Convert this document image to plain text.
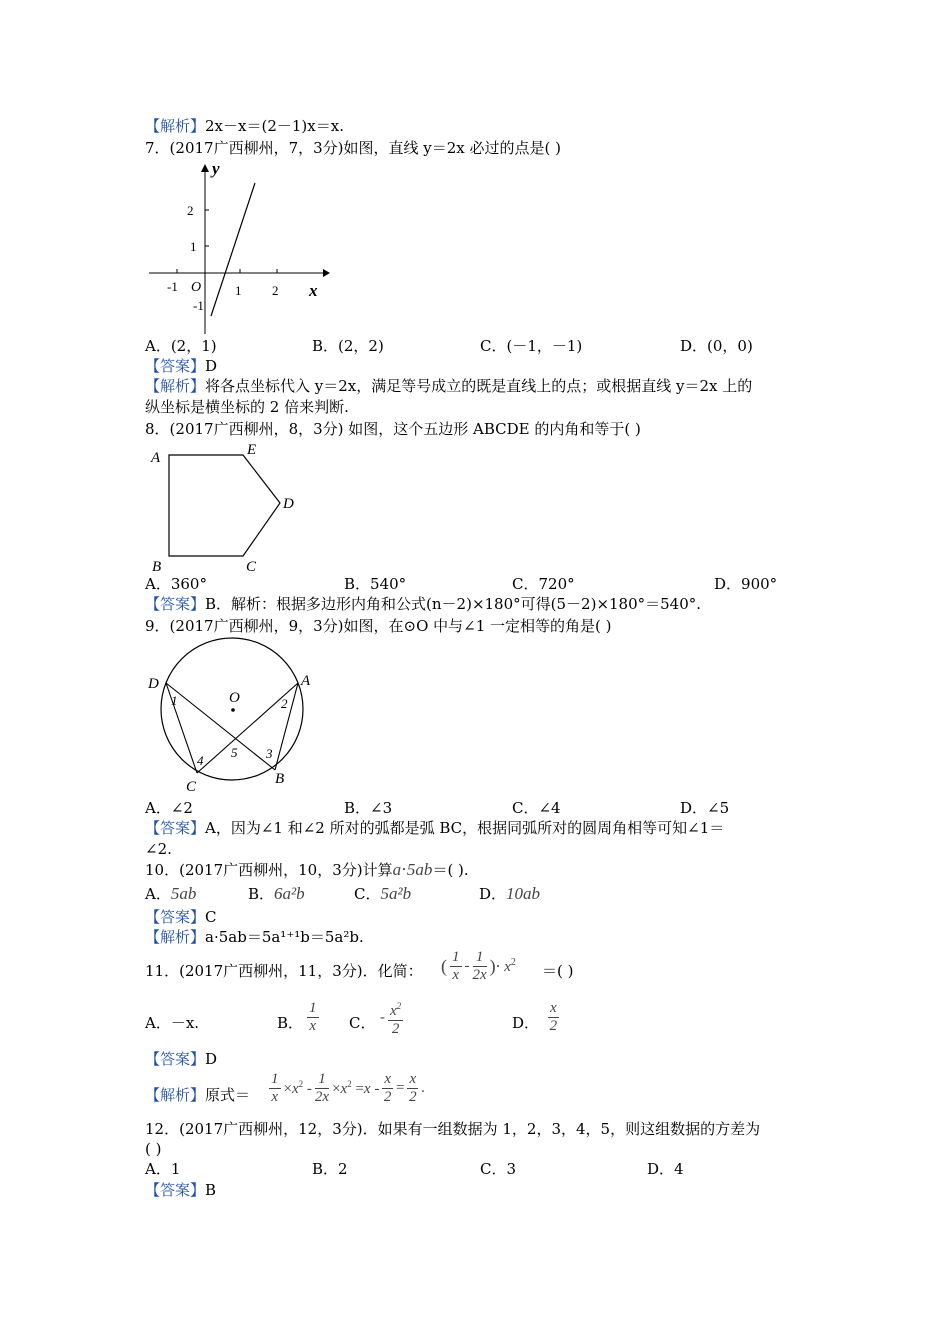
【解析】2x－x＝(2－1)x＝x.
7．(2017广西柳州，7，3分)如图，直线 y＝2x 必过的点是( )
y
x
O
-1	1 2
2
1
-1
A．(2，1)	B．(2，2)	C．(－1，－1)	D．(0，0)
【答案】D
【解析】将各点坐标代入 y＝2x，满足等号成立的既是直线上的点；或根据直线 y＝2x 上的
纵坐标是横坐标的 2 倍来判断.
8．(2017广西柳州，8，3分) 如图，这个五边形 ABCDE 的内角和等于( )
A	E
D
C
B
A．360°	B．540°	C．720°	D．900°
【答案】B．解析：根据多边形内角和公式(n－2)×180°可得(5－2)×180°＝540°.
9．(2017广西柳州，9，3分)如图，在⊙O 中与∠1 一定相等的角是( )
D	A
O
1	2
3
4
5
C	B
A．∠2	B．∠3	C．∠4	D．∠5
【答案】A，因为∠1 和∠2 所对的弧都是弧 BC，根据同弧所对的圆周角相等可知∠1＝
∠2.
10．(2017广西柳州，10，3分)计算a⋅5ab＝( ).
A．5ab	B．6a²b	C．5a²b	D．10ab
【答案】C
【解析】a·5ab＝5a¹⁺¹b＝5a²b.
11．(2017广西柳州，11，3分)．化简： ( $\frac{1}{x} - \frac{1}{2x}$ )⋅ $x^2$ ＝( )
A．－x.	B． $\frac{1}{x}$ C． - $\frac{x^2}{2}$	D． $\frac{x}{2}$
【答案】D
【解析】原式＝ $\frac{1}{x} \times x^2 - \frac{1}{2x} \times x^2 =x - \frac{x}{2} = \frac{x}{2}$ .
12．(2017广西柳州，12，3分)．如果有一组数据为 1，2，3，4，5，则这组数据的方差为
( )
A．1	B．2	C．3	D．4
【答案】B
